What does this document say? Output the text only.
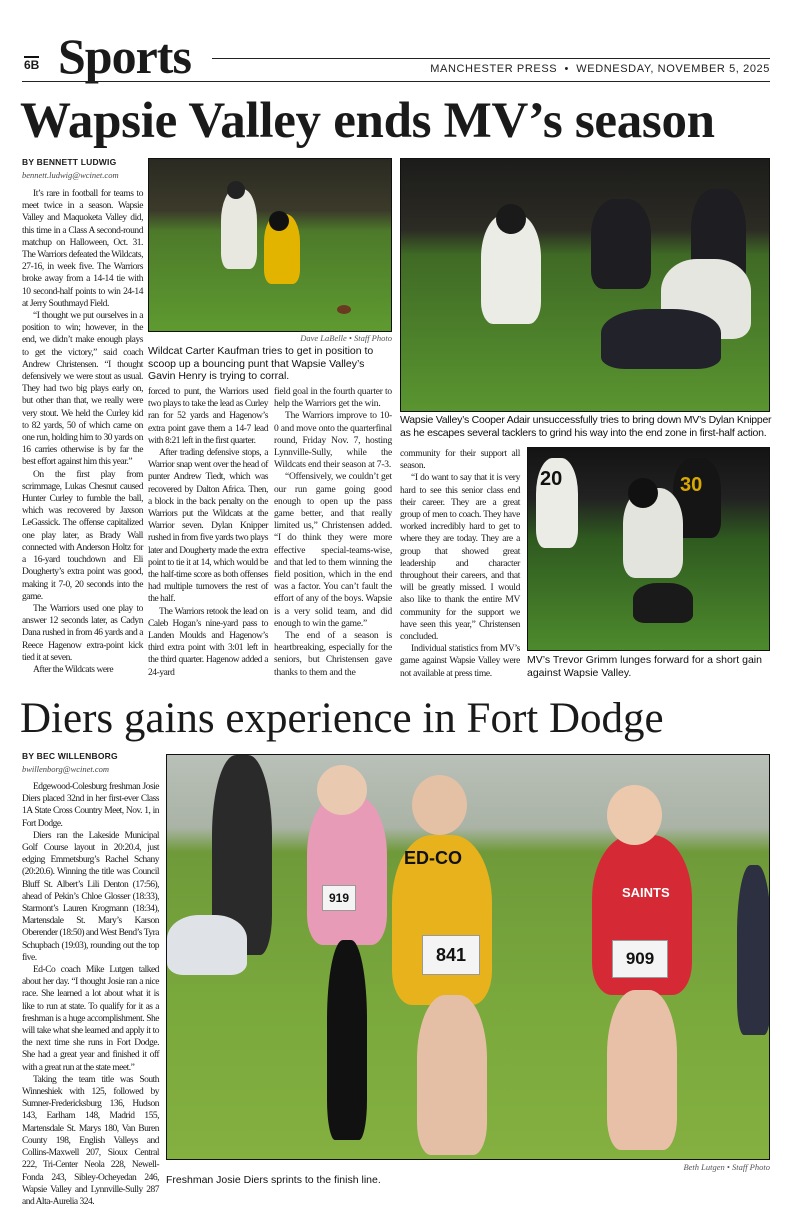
6B Sports	MANCHESTER PRESS • WEDNESDAY, NOVEMBER 5, 2025
Wapsie Valley ends MV’s season
BY BENNETT LUDWIG
bennett.ludwig@wcinet.com

It’s rare in football for teams to meet twice in a season. Wapsie Valley and Maquoketa Valley did, this time in a Class A second-round matchup on Halloween, Oct. 31. The Warriors defeated the Wildcats, 27-16, in week five. The Warriors broke away from a 14-14 tie with 10 second-half points to win 24-14 at Jerry Southmayd Field.

“I thought we put ourselves in a position to win; however, in the end, we didn’t make enough plays to get the victory,” said coach Andrew Christensen. “I thought defensively we were stout as usual. They had two big plays early on, but other than that, we really were very stout. We held the Curley kid to 82 yards, 50 of which came on one run, holding him to 30 yards on 16 carries otherwise is by far the best effort against him this year.”

On the first play from scrimmage, Lukas Chesnut caused Hunter Curley to fumble the ball, which was recovered by Jaxson LeGassick. The offense capitalized one play later, as Brady Wall connected with Anderson Holtz for a 16-yard touchdown and Eli Dougherty’s extra point was good, making it 7-0, 20 seconds into the game.

The Warriors used one play to answer 12 seconds later, as Cadyn Dana rushed in from 46 yards and a Reece Hagenow extra-point kick tied it at seven.

After the Wildcats were

Dave LaBelle • Staff Photo
Wildcat Carter Kaufman tries to get in position to scoop up a bouncing punt that Wapsie Valley’s Gavin Henry is trying to corral.

forced to punt, the Warriors used two plays to take the lead as Curley ran for 52 yards and Hagenow’s extra point gave them a 14-7 lead with 8:21 left in the first quarter.

After trading defensive stops, a Warrior snap went over the head of punter Andrew Tiedt, which was recovered by Dalton Africa. Then, a block in the back penalty on the Warriors put the Wildcats at the Warrior seven. Dylan Knipper rushed in from five yards two plays later and Dougherty made the extra point to tie it at 14, which would be the half-time score as both offenses had multiple turnovers the rest of the half.

The Warriors retook the lead on Caleb Hogan’s nine-yard pass to Landen Moulds and Hagenow’s third extra point with 3:01 left in the third quarter. Hagenow added a 24-yard

field goal in the fourth quarter to help the Warriors get the win.

The Warriors improve to 10-0 and move onto the quarterfinal round, Friday Nov. 7, hosting Lynnville-Sully, while the Wildcats end their season at 7-3.

“Offensively, we couldn’t get our run game going good enough to open up the pass game better, and that really limited us,” Christensen added. “I do think they were more effective special-teams-wise, and that led to them winning the field position, which in the end was a factor. You can’t fault the effort of any of the boys. Wapsie is a very solid team, and did enough to win the game.”

The end of a season is heartbreaking, especially for the seniors, but Christensen gave thanks to them and the

Wapsie Valley’s Cooper Adair unsuccessfully tries to bring down MV’s Dylan Knipper as he escapes several tacklers to grind his way into the end zone in first-half action.

community for their support all season.

“I do want to say that it is very hard to see this senior class end their career. They are a great group of men to coach. They have worked incredibly hard to get to where they are today. They are a group that showed great leadership and character throughout their careers, and that will be greatly missed. I would also like to thank the entire MV community for the support we have seen this year,” Christensen concluded.

Individual statistics from MV’s game against Wapsie Valley were not available at press time.

20	30
MV’s Trevor Grimm lunges forward for a short gain against Wapsie Valley.
Diers gains experience in Fort Dodge
BY BEC WILLENBORG
bwillenborg@wcinet.com

Edgewood-Colesburg freshman Josie Diers placed 32nd in her first-ever Class 1A State Cross Country Meet, Nov. 1, in Fort Dodge.

Diers ran the Lakeside Municipal Golf Course layout in 20:20.4, just edging Emmetsburg’s Rachel Schany (20:20.6). Winning the title was Council Bluff St. Albert’s Lili Denton (17:56), ahead of Pekin’s Chloe Glosser (18:33), Starmont’s Lauren Krogmann (18:34), Martensdale St. Mary’s Karson Oberender (18:50) and West Bend’s Tyra Schupbach (19:03), rounding out the top five.

Ed-Co coach Mike Lutgen talked about her day. “I thought Josie ran a nice race. She learned a lot about what it is like to run at state. To qualify for it as a freshman is a huge accomplishment. She will take what she learned and apply it to the next time she runs in Fort Dodge. She had a great year and finished it off with a great run at the state meet.”

Taking the team title was South Winneshiek with 125, followed by Sumner-Fredericksburg 136, Hudson 143, Earlham 148, Madrid 155, Martensdale St. Marys 180, Van Buren County 198, English Valleys and Collins-Maxwell 207, Sioux Central 222, Tri-Center Neola 228, Newell-Fonda 243, Sibley-Ocheyedan 246, Wapsie Valley and Lynnville-Sully 287 and Alta-Aurelia 324.

919
ED-CO
841
SAINTS
909
Beth Lutgen • Staff Photo
Freshman Josie Diers sprints to the finish line.
